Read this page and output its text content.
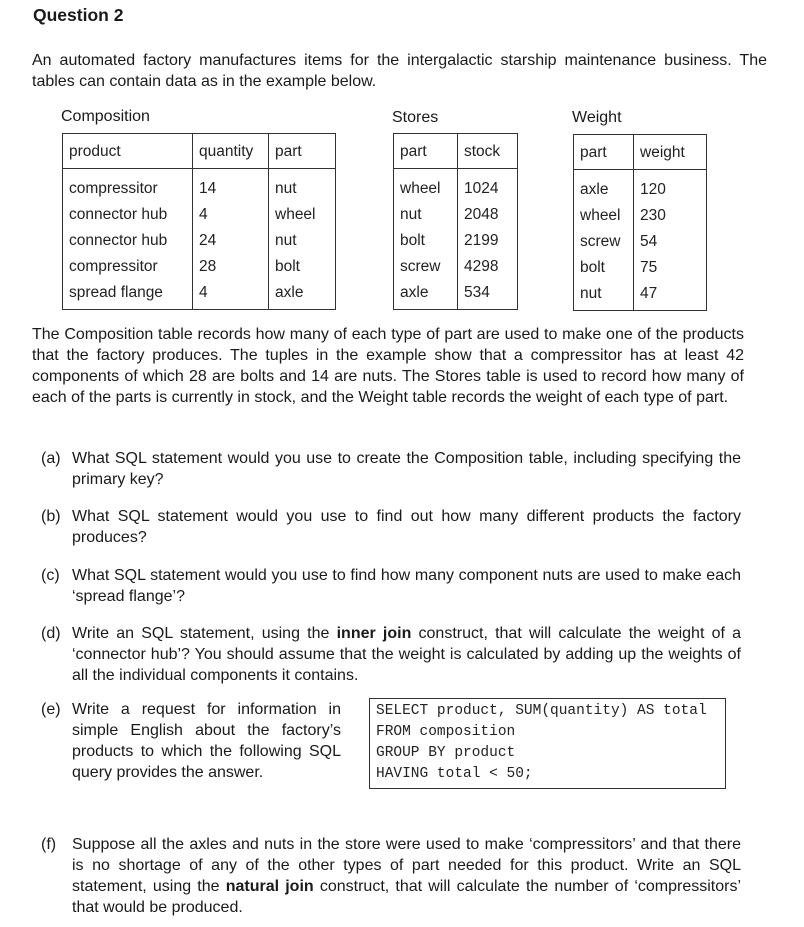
Question 2
An automated factory manufactures items for the intergalactic starship maintenance business. The tables can contain data as in the example below.
Composition	Stores	Weight
product	quantity	part
compressitor	14	nut
connector hub	4	wheel
connector hub	24	nut
compressitor	28	bolt
spread flange	4	axle
part	stock
wheel	1024
nut	2048
bolt	2199
screw	4298
axle	534
part	weight
axle	120
wheel	230
screw	54
bolt	75
nut	47
The Composition table records how many of each type of part are used to make one of the products that the factory produces. The tuples in the example show that a compressitor has at least 42 components of which 28 are bolts and 14 are nuts. The Stores table is used to record how many of each of the parts is currently in stock, and the Weight table records the weight of each type of part.
(a) What SQL statement would you use to create the Composition table, including specifying the primary key?
(b) What SQL statement would you use to find out how many different products the factory produces?
(c) What SQL statement would you use to find how many component nuts are used to make each ‘spread flange’?
(d) Write an SQL statement, using the inner join construct, that will calculate the weight of a ‘connector hub’? You should assume that the weight is calculated by adding up the weights of all the individual components it contains.
(e) Write a request for information in simple English about the factory’s products to which the following SQL query provides the answer.
SELECT product, SUM(quantity) AS total
FROM composition
GROUP BY product
HAVING total < 50;
(f) Suppose all the axles and nuts in the store were used to make ‘compressitors’ and that there is no shortage of any of the other types of part needed for this product. Write an SQL statement, using the natural join construct, that will calculate the number of ‘compressitors’ that would be produced.
